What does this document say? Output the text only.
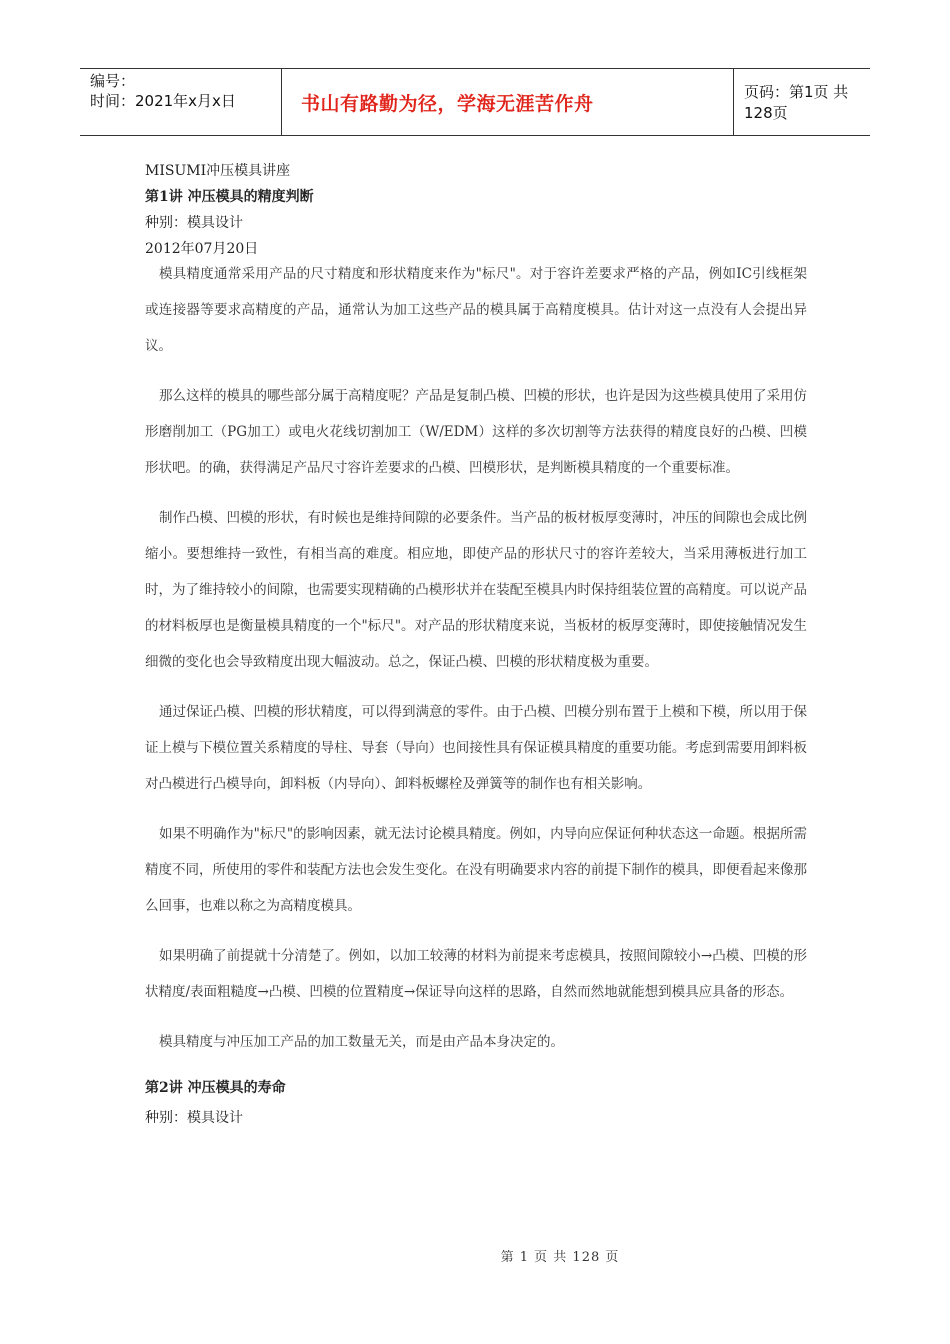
编号：
时间：2021年x月x日	书山有路勤为径，学海无涯苦作舟
页码：第1页 共128页
MISUMI冲压模具讲座
第1讲 冲压模具的精度判断
种别：模具设计
2012年07月20日

模具精度通常采用产品的尺寸精度和形状精度来作为"标尺"。对于容许差要求严格的产品，例如IC引线框架或连接器等要求高精度的产品，通常认为加工这些产品的模具属于高精度模具。估计对这一点没有人会提出异议。

那么这样的模具的哪些部分属于高精度呢？产品是复制凸模、凹模的形状，也许是因为这些模具使用了采用仿形磨削加工（PG加工）或电火花线切割加工（W/EDM）这样的多次切割等方法获得的精度良好的凸模、凹模形状吧。的确，获得满足产品尺寸容许差要求的凸模、凹模形状，是判断模具精度的一个重要标准。

制作凸模、凹模的形状，有时候也是维持间隙的必要条件。当产品的板材板厚变薄时，冲压的间隙也会成比例缩小。要想维持一致性，有相当高的难度。相应地，即使产品的形状尺寸的容许差较大，当采用薄板进行加工时，为了维持较小的间隙，也需要实现精确的凸模形状并在装配至模具内时保持组装位置的高精度。可以说产品的材料板厚也是衡量模具精度的一个"标尺"。对产品的形状精度来说，当板材的板厚变薄时，即使接触情况发生细微的变化也会导致精度出现大幅波动。总之，保证凸模、凹模的形状精度极为重要。

通过保证凸模、凹模的形状精度，可以得到满意的零件。由于凸模、凹模分别布置于上模和下模，所以用于保证上模与下模位置关系精度的导柱、导套（导向）也间接性具有保证模具精度的重要功能。考虑到需要用卸料板对凸模进行凸模导向，卸料板（内导向）、卸料板螺栓及弹簧等的制作也有相关影响。

如果不明确作为"标尺"的影响因素，就无法讨论模具精度。例如，内导向应保证何种状态这一命题。根据所需精度不同，所使用的零件和装配方法也会发生变化。在没有明确要求内容的前提下制作的模具，即便看起来像那么回事，也难以称之为高精度模具。

如果明确了前提就十分清楚了。例如，以加工较薄的材料为前提来考虑模具，按照间隙较小→凸模、凹模的形状精度/表面粗糙度→凸模、凹模的位置精度→保证导向这样的思路，自然而然地就能想到模具应具备的形态。

模具精度与冲压加工产品的加工数量无关，而是由产品本身决定的。

第2讲 冲压模具的寿命
种别：模具设计
第 1 页 共 128 页
